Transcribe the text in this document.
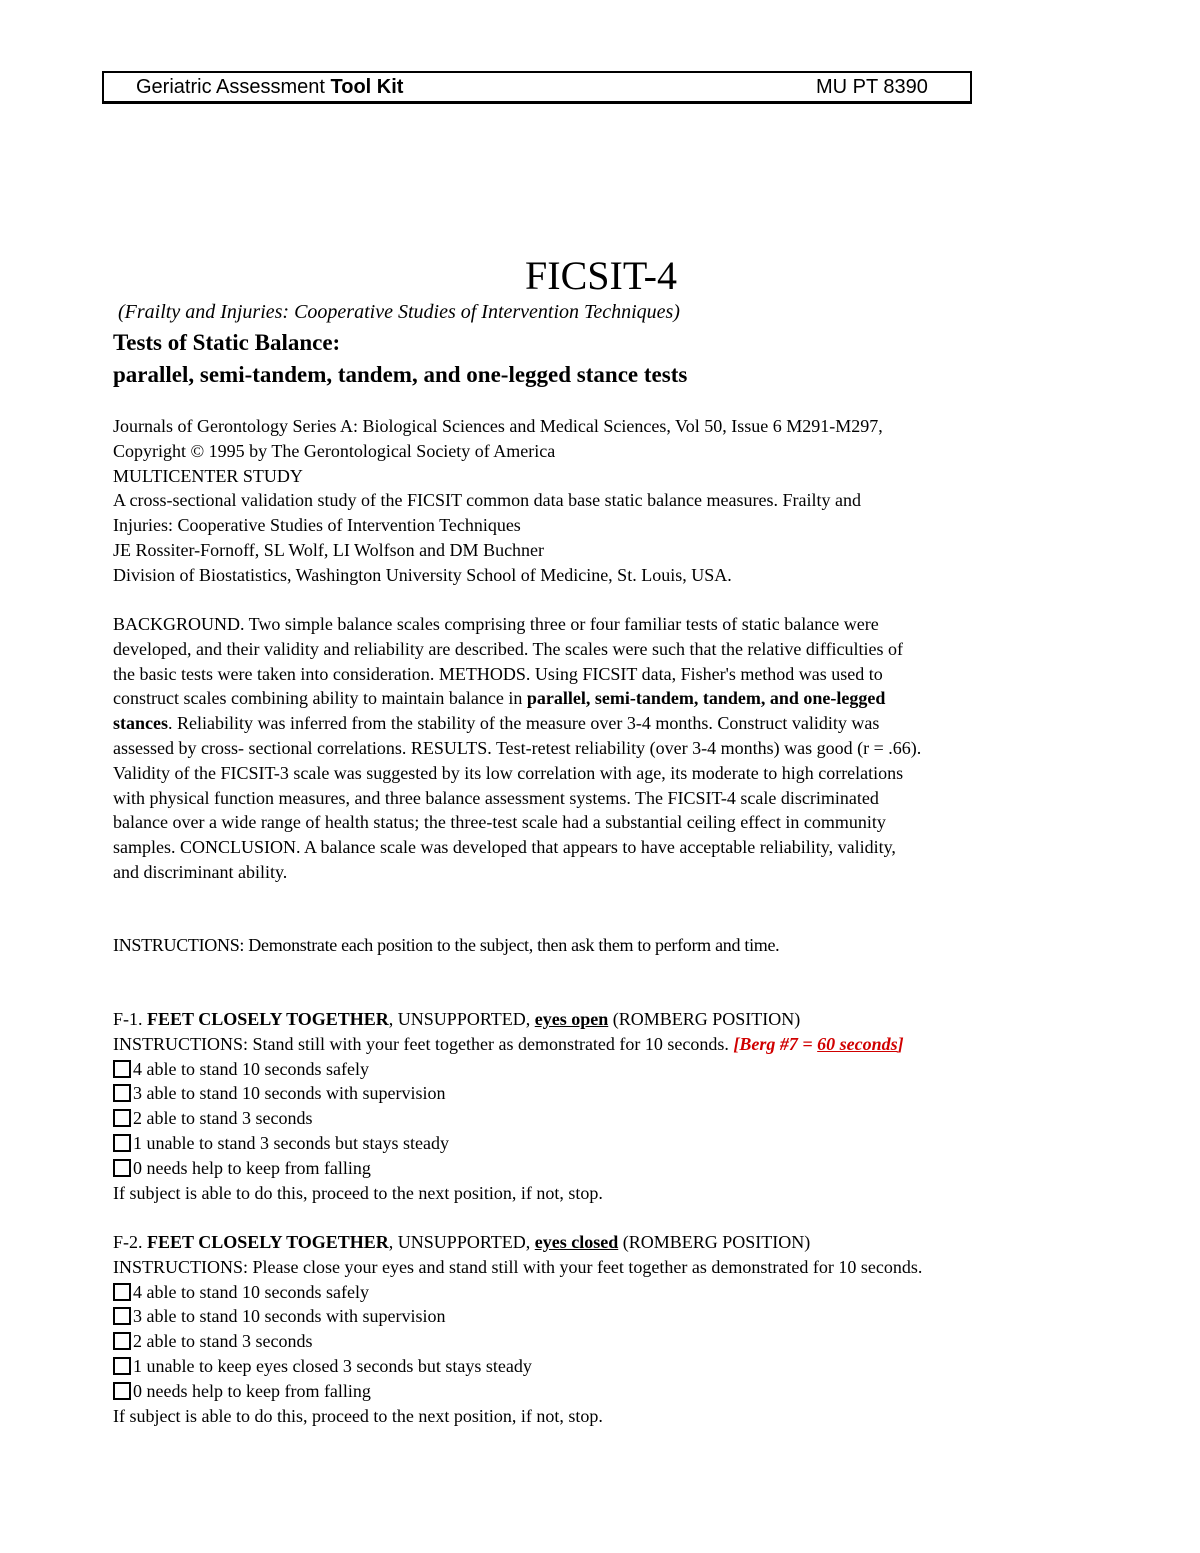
Geriatric Assessment Tool Kit	MU PT 8390
FICSIT-4
(Frailty and Injuries: Cooperative Studies of Intervention Techniques)
Tests of Static Balance:
parallel, semi-tandem, tandem, and one-legged stance tests
Journals of Gerontology Series A: Biological Sciences and Medical Sciences, Vol 50, Issue 6 M291-M297,
Copyright © 1995 by The Gerontological Society of America
MULTICENTER STUDY
A cross-sectional validation study of the FICSIT common data base static balance measures. Frailty and
Injuries: Cooperative Studies of Intervention Techniques
JE Rossiter-Fornoff, SL Wolf, LI Wolfson and DM Buchner
Division of Biostatistics, Washington University School of Medicine, St. Louis, USA.
BACKGROUND. Two simple balance scales comprising three or four familiar tests of static balance were
developed, and their validity and reliability are described. The scales were such that the relative difficulties of
the basic tests were taken into consideration. METHODS. Using FICSIT data, Fisher's method was used to
construct scales combining ability to maintain balance in parallel, semi-tandem, tandem, and one-legged
stances. Reliability was inferred from the stability of the measure over 3-4 months. Construct validity was
assessed by cross- sectional correlations. RESULTS. Test-retest reliability (over 3-4 months) was good (r = .66).
Validity of the FICSIT-3 scale was suggested by its low correlation with age, its moderate to high correlations
with physical function measures, and three balance assessment systems. The FICSIT-4 scale discriminated
balance over a wide range of health status; the three-test scale had a substantial ceiling effect in community
samples. CONCLUSION. A balance scale was developed that appears to have acceptable reliability, validity,
and discriminant ability.
INSTRUCTIONS: Demonstrate each position to the subject, then ask them to perform and time.
F-1. FEET CLOSELY TOGETHER, UNSUPPORTED, eyes open (ROMBERG POSITION)
INSTRUCTIONS: Stand still with your feet together as demonstrated for 10 seconds. [Berg #7 = 60 seconds]
4 able to stand 10 seconds safely
3 able to stand 10 seconds with supervision
2 able to stand 3 seconds
1 unable to stand 3 seconds but stays steady
0 needs help to keep from falling
If subject is able to do this, proceed to the next position, if not, stop.
F-2. FEET CLOSELY TOGETHER, UNSUPPORTED, eyes closed (ROMBERG POSITION)
INSTRUCTIONS: Please close your eyes and stand still with your feet together as demonstrated for 10 seconds.
4 able to stand 10 seconds safely
3 able to stand 10 seconds with supervision
2 able to stand 3 seconds
1 unable to keep eyes closed 3 seconds but stays steady
0 needs help to keep from falling
If subject is able to do this, proceed to the next position, if not, stop.
